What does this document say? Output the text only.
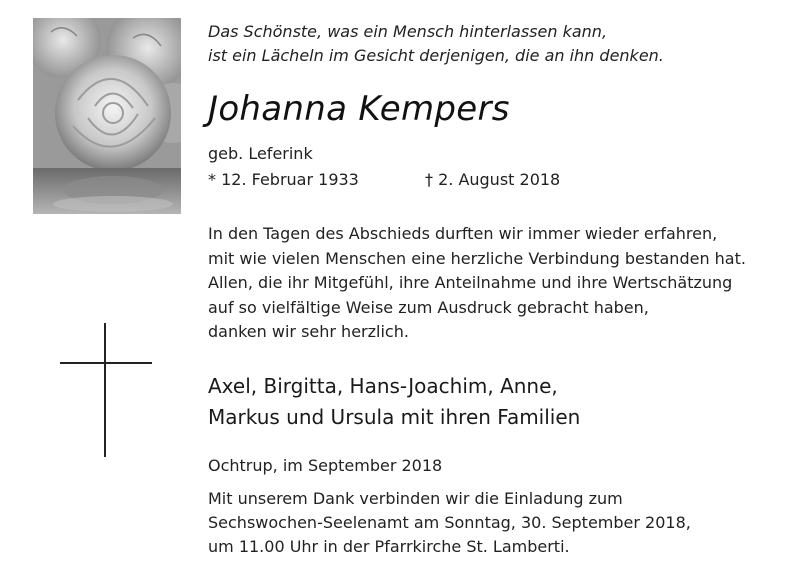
Das Schönste, was ein Mensch hinterlassen kann,
ist ein Lächeln im Gesicht derjenigen, die an ihn denken.
Johanna Kempers
geb. Leferink
* 12. Februar 1933	† 2. August 2018
In den Tagen des Abschieds durften wir immer wieder erfahren,
mit wie vielen Menschen eine herzliche Verbindung bestanden hat.
Allen, die ihr Mitgefühl, ihre Anteilnahme und ihre Wertschätzung
auf so vielfältige Weise zum Ausdruck gebracht haben,
danken wir sehr herzlich.
Axel, Birgitta, Hans-Joachim, Anne,
Markus und Ursula mit ihren Familien
Ochtrup, im September 2018
Mit unserem Dank verbinden wir die Einladung zum
Sechswochen-Seelenamt am Sonntag, 30. September 2018,
um 11.00 Uhr in der Pfarrkirche St. Lamberti.
